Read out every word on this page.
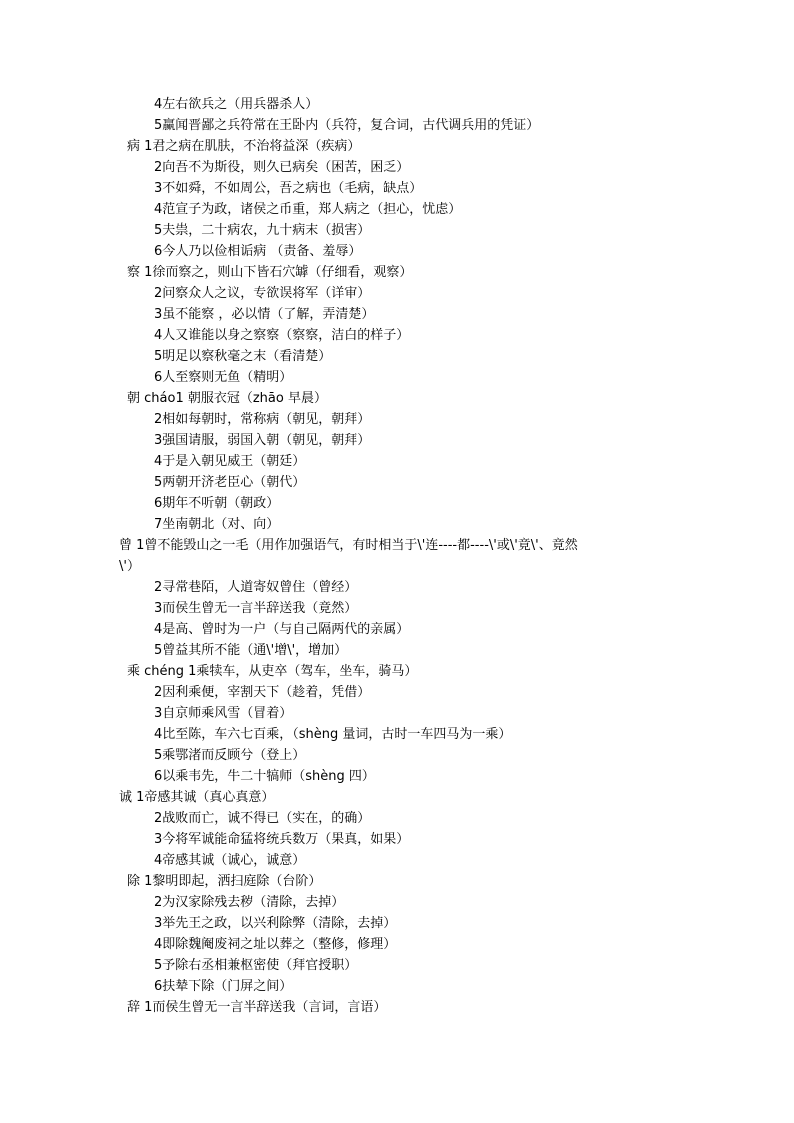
4左右欲兵之（用兵器杀人）
5赢闻晋鄙之兵符常在王卧内（兵符，复合词，古代调兵用的凭证）
病 1君之病在肌肤，不治将益深（疾病）
2向吾不为斯役，则久已病矣（困苦，困乏）
3不如舜，不如周公，吾之病也（毛病，缺点）
4范宣子为政，诸侯之币重，郑人病之（担心，忧虑）
5夫祟，二十病农，九十病末（损害）
6今人乃以俭相诟病 （责备、羞辱）
察 1徐而察之，则山下皆石穴罅（仔细看，观察）
2问察众人之议，专欲误将军（详审）
3虽不能察 ，必以情（了解，弄清楚）
4人又谁能以身之察察（察察，洁白的样子）
5明足以察秋毫之末（看清楚）
6人至察则无鱼（精明）
朝 cháo1 朝服衣冠（zhāo 早晨）
2相如每朝时，常称病（朝见，朝拜）
3强国请服，弱国入朝（朝见，朝拜）
4于是入朝见威王（朝廷）
5两朝开济老臣心（朝代）
6期年不听朝（朝政）
7坐南朝北（对、向）
曾 1曾不能毁山之一毛（用作加强语气，有时相当于\'连----都----\'或\'竟\'、竟然
\'）
2寻常巷陌，人道寄奴曾住（曾经）
3而侯生曾无一言半辞送我（竟然）
4是高、曾时为一户（与自己隔两代的亲属）
5曾益其所不能（通\'增\'，增加）
乘 chéng 1乘犊车，从吏卒（驾车，坐车，骑马）
2因利乘便，宰割天下（趁着，凭借）
3自京师乘风雪（冒着）
4比至陈，车六七百乘，（shèng 量词，古时一车四马为一乘）
5乘鄂渚而反顾兮（登上）
6以乘韦先，牛二十犒师（shèng 四）
诚 1帝感其诚（真心真意）
2战败而亡，诚不得已（实在，的确）
3今将军诚能命猛将统兵数万（果真，如果）
4帝感其诚（诚心，诚意）
除 1黎明即起，洒扫庭除（台阶）
2为汉家除残去秽（清除，去掉）
3举先王之政，以兴利除弊（清除，去掉）
4即除魏阉废祠之址以葬之（整修，修理）
5予除右丞相兼枢密使（拜官授职）
6扶辇下除（门屏之间）
辞 1而侯生曾无一言半辞送我（言词，言语）
